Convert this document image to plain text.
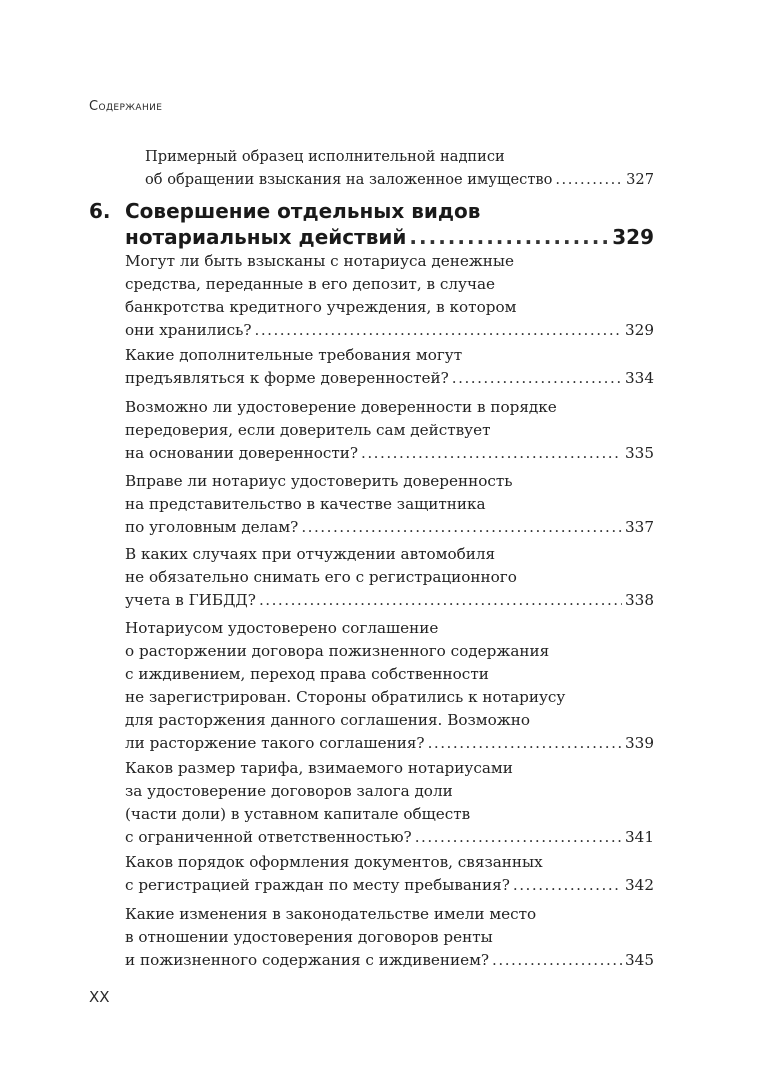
Содержание
Примерный образец исполнительной надписи
об обращении взыскания на заложенное имущество .....	327
6. Совершение отдельных видов
нотариальных действий .....	329
Могут ли быть взысканы с нотариуса денежные
средства, переданные в его депозит, в случае
банкротства кредитного учреждения, в котором
они хранились? .....	329
Какие дополнительные требования могут
предъявляться к форме доверенностей? .....	334
Возможно ли удостоверение доверенности в порядке
передоверия, если доверитель сам действует
на основании доверенности? .....	335
Вправе ли нотариус удостоверить доверенность
на представительство в качестве защитника
по уголовным делам? .....	337
В каких случаях при отчуждении автомобиля
не обязательно снимать его с регистрационного
учета в ГИБДД? .....	338
Нотариусом удостоверено соглашение
о расторжении договора пожизненного содержания
с иждивением, переход права собственности
не зарегистрирован. Стороны обратились к нотариусу
для расторжения данного соглашения. Возможно
ли расторжение такого соглашения? .....	339
Каков размер тарифа, взимаемого нотариусами
за удостоверение договоров залога доли
(части доли) в уставном капитале обществ
с ограниченной ответственностью? .....	341
Каков порядок оформления документов, связанных
с регистрацией граждан по месту пребывания? .....	342
Какие изменения в законодательстве имели место
в отношении удостоверения договоров ренты
и пожизненного содержания с иждивением? .....	345
XX
